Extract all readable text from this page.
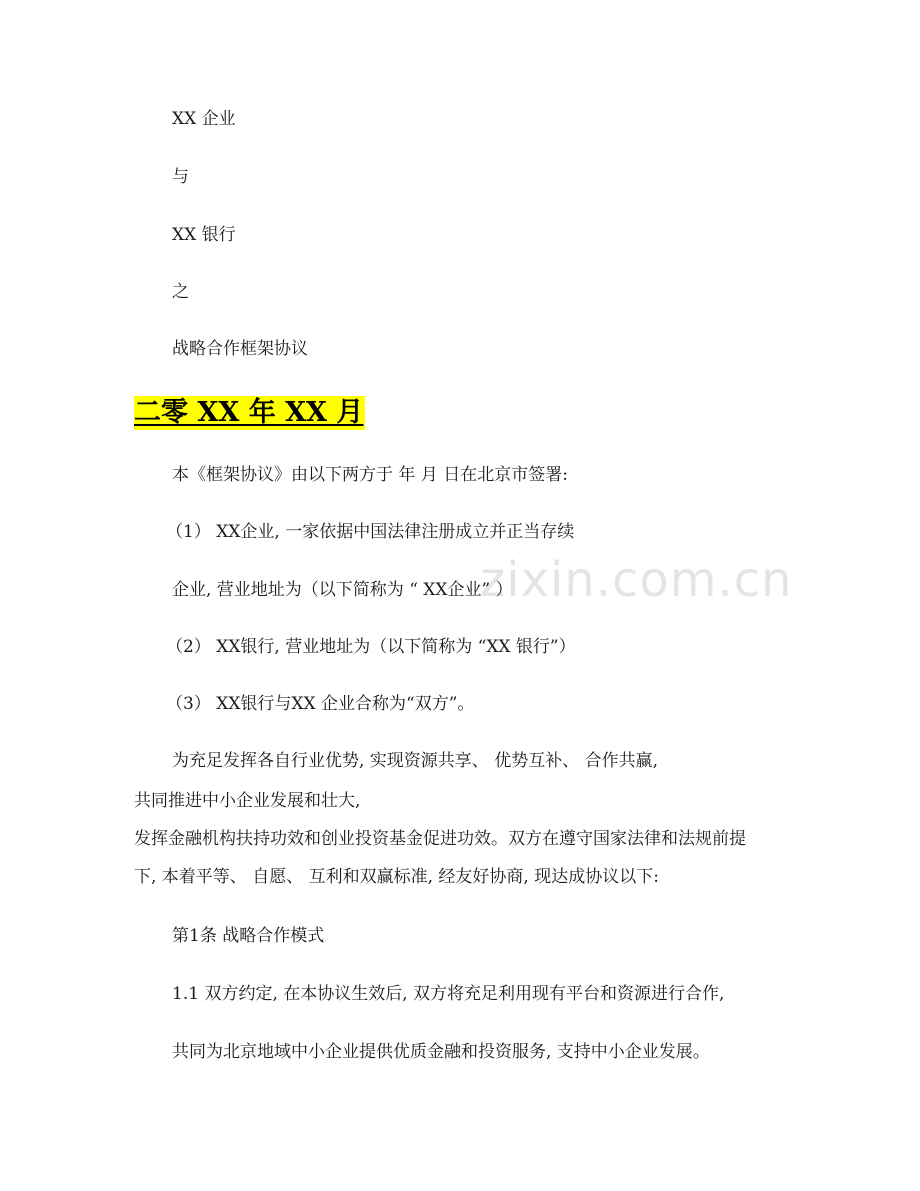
XX 企业
与
XX 银行
之
战略合作框架协议
二零 XX 年 XX 月
本《框架协议》由以下两方于 年 月 日在北京市签署:
（1） XX企业, 一家依据中国法律注册成立并正当存续
企业, 营业地址为（以下简称为 “ XX企业” ）
（2） XX银行, 营业地址为（以下简称为 “XX 银行”）
（3） XX银行与XX 企业合称为“双方”。
为充足发挥各自行业优势, 实现资源共享、 优势互补、 合作共赢,
共同推进中小企业发展和壮大,
发挥金融机构扶持功效和创业投资基金促进功效。双方在遵守国家法律和法规前提
下, 本着平等、 自愿、 互利和双赢标准, 经友好协商, 现达成协议以下:
第1条 战略合作模式
1.1 双方约定, 在本协议生效后, 双方将充足利用现有平台和资源进行合作,
共同为北京地域中小企业提供优质金融和投资服务, 支持中小企业发展。
zixin.com.cn
